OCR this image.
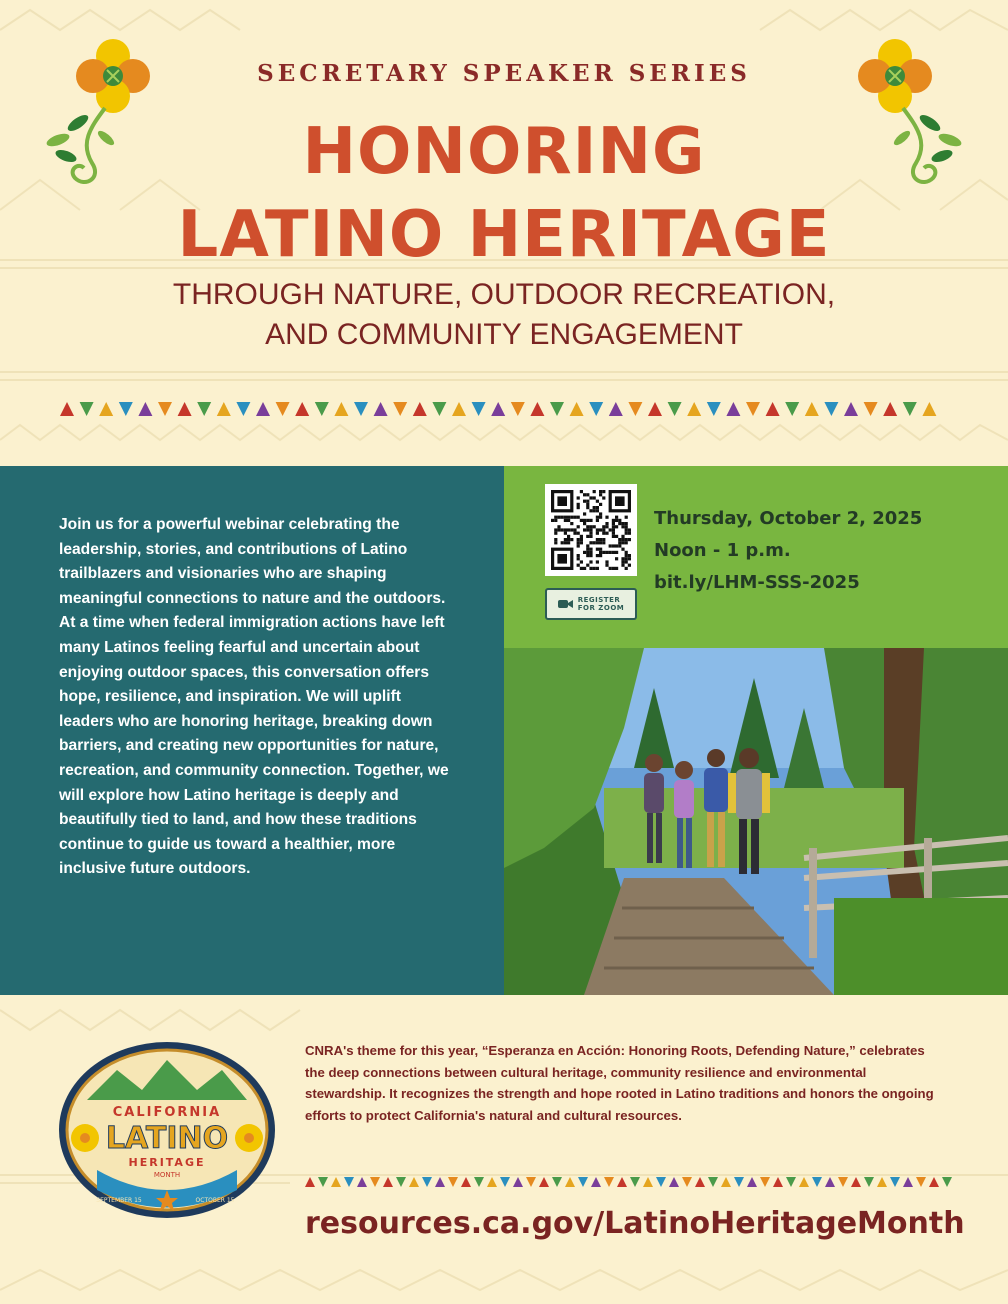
SECRETARY SPEAKER SERIES
HONORING
LATINO HERITAGE
THROUGH NATURE, OUTDOOR RECREATION,
AND COMMUNITY ENGAGEMENT
Join us for a powerful webinar celebrating the leadership, stories, and contributions of Latino trailblazers and visionaries who are shaping meaningful connections to nature and the outdoors. At a time when federal immigration actions have left many Latinos feeling fearful and uncertain about enjoying outdoor spaces, this conversation offers hope, resilience, and inspiration. We will uplift leaders who are honoring heritage, breaking down barriers, and creating new opportunities for nature, recreation, and community connection. Together, we will explore how Latino heritage is deeply and beautifully tied to land, and how these traditions continue to guide us toward a healthier, more inclusive future outdoors.
REGISTER
FOR ZOOM
Thursday, October 2, 2025
Noon - 1 p.m.
bit.ly/LHM-SSS-2025
CALIFORNIA
LATINO
HERITAGE
MONTH
SEPTEMBER 15	OCTOBER 15
CNRA's theme for this year, “Esperanza en Acción: Honoring Roots, Defending Nature,” celebrates the deep connections between cultural heritage, community resilience and environmental stewardship. It recognizes the strength and hope rooted in Latino traditions and honors the ongoing efforts to protect California's natural and cultural resources.
resources.ca.gov/LatinoHeritageMonth
